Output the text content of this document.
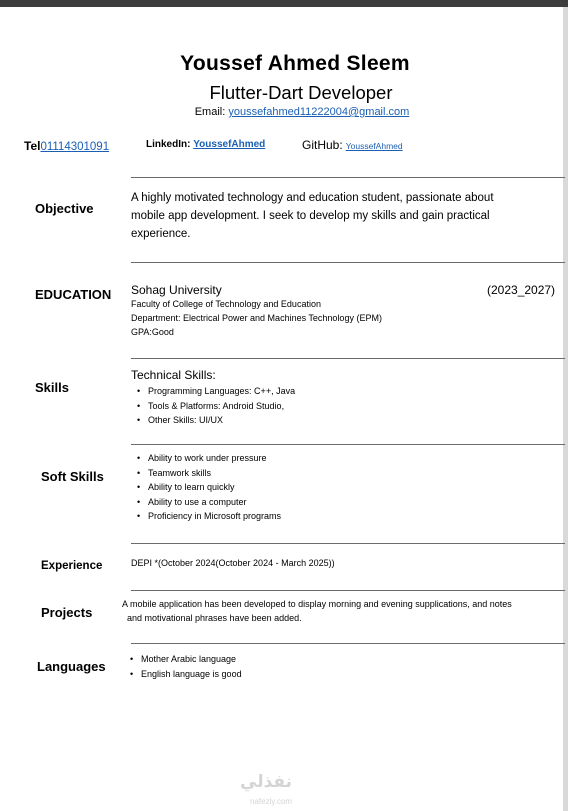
Youssef Ahmed Sleem
Flutter-Dart Developer
Email: youssefahmed11222004@gmail.com
Tel01114301091	LinkedIn: YoussefAhmed	GitHub: YoussefAhmed
Objective
A highly motivated technology and education student, passionate about
mobile app development. I seek to develop my skills and gain practical
experience.
EDUCATION Sohag University	(2023_2027)
Faculty of College of Technology and Education
Department: Electrical Power and Machines Technology (EPM)
GPA:Good
Skills
Technical Skills:
• Programming Languages: C++, Java
• Tools & Platforms: Android Studio,
• Other Skills: UI/UX
Soft Skills
• Ability to work under pressure
• Teamwork skills
• Ability to learn quickly
• Ability to use a computer
• Proficiency in Microsoft programs
Experience	DEPI *(October 2024(October 2024 - March 2025))
Projects
A mobile application has been developed to display morning and evening supplications, and notes
and motivational phrases have been added.
Languages
•	Mother Arabic language
• English language is good
نفذلي
nafezly.com
